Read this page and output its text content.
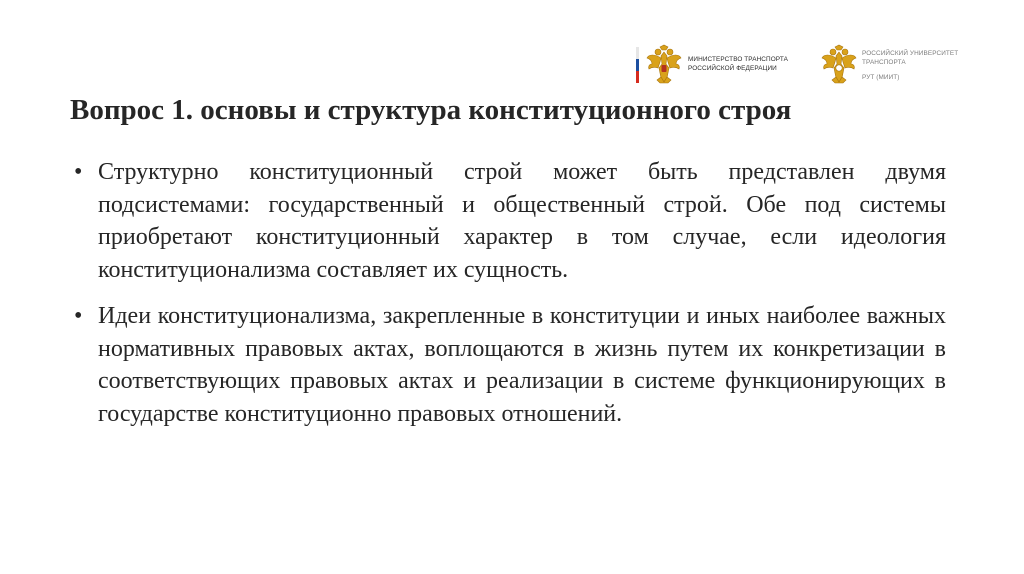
МИНИСТЕРСТВО ТРАНСПОРТА
РОССИЙСКОЙ ФЕДЕРАЦИИ
РОССИЙСКИЙ УНИВЕРСИТЕТ
ТРАНСПОРТА
РУТ (МИИТ)
Вопрос 1. основы и структура конституционного строя
• Структурно конституционный строй может быть представлен двумя подсистемами: государственный и общественный строй. Обе под системы приобретают конституционный характер в том случае, если идеология конституционализма составляет их сущность.
• Идеи конституционализма, закрепленные в конституции и иных наиболее важных нормативных правовых актах, воплощаются в жизнь путем их конкретизации в соответствующих правовых актах и реализации в системе функционирующих в государстве конституционно правовых отношений.
